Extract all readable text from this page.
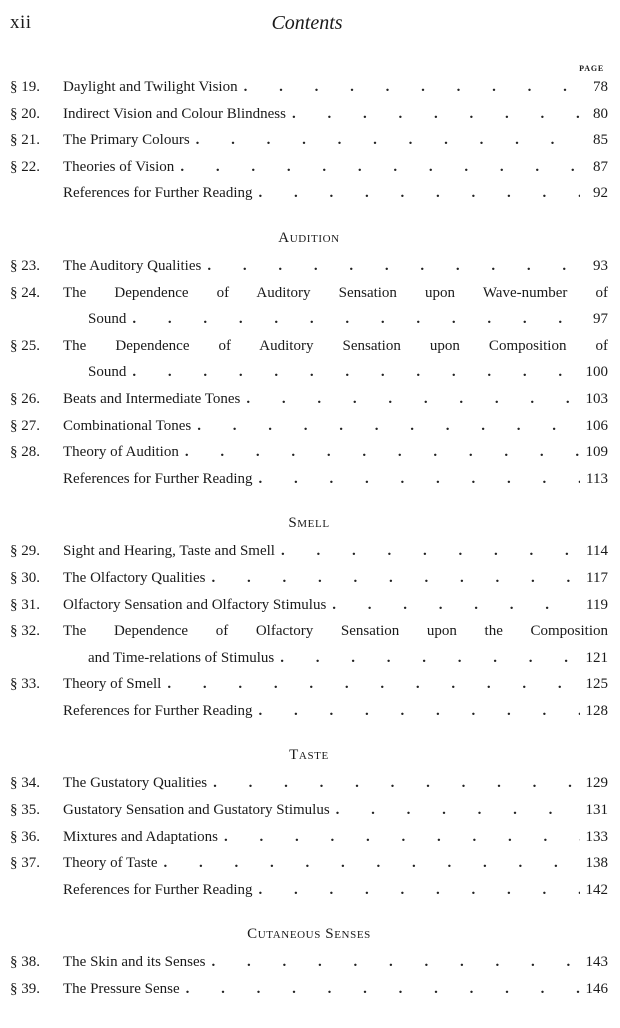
xii	Contents
PAGE
§ 19.	Daylight and Twilight Vision . . .	78
§ 20.	Indirect Vision and Colour Blindness . . .	80
§ 21.	The Primary Colours . . .	85
§ 22.	Theories of Vision . . .	87
References for Further Reading . . .	92
Audition
§ 23.	The Auditory Qualities . . .	93
§ 24.	The Dependence of Auditory Sensation upon Wave-number of
Sound . . .	97
§ 25.	The Dependence of Auditory Sensation upon Composition of
Sound . . .	100
§ 26.	Beats and Intermediate Tones . . .	103
§ 27.	Combinational Tones . . .	106
§ 28.	Theory of Audition . . .	109
References for Further Reading . . .	113
Smell
§ 29.	Sight and Hearing, Taste and Smell . . .	114
§ 30.	The Olfactory Qualities . . .	117
§ 31.	Olfactory Sensation and Olfactory Stimulus . . .	119
§ 32.	The Dependence of Olfactory Sensation upon the Composition
and Time-relations of Stimulus . . .	121
§ 33.	Theory of Smell . . .	125
References for Further Reading . . .	128
Taste
§ 34.	The Gustatory Qualities . . .	129
§ 35.	Gustatory Sensation and Gustatory Stimulus . . .	131
§ 36.	Mixtures and Adaptations . . .	133
§ 37.	Theory of Taste . . .	138
References for Further Reading . . .	142
Cutaneous Senses
§ 38.	The Skin and its Senses . . .	143
§ 39.	The Pressure Sense . . .	146
